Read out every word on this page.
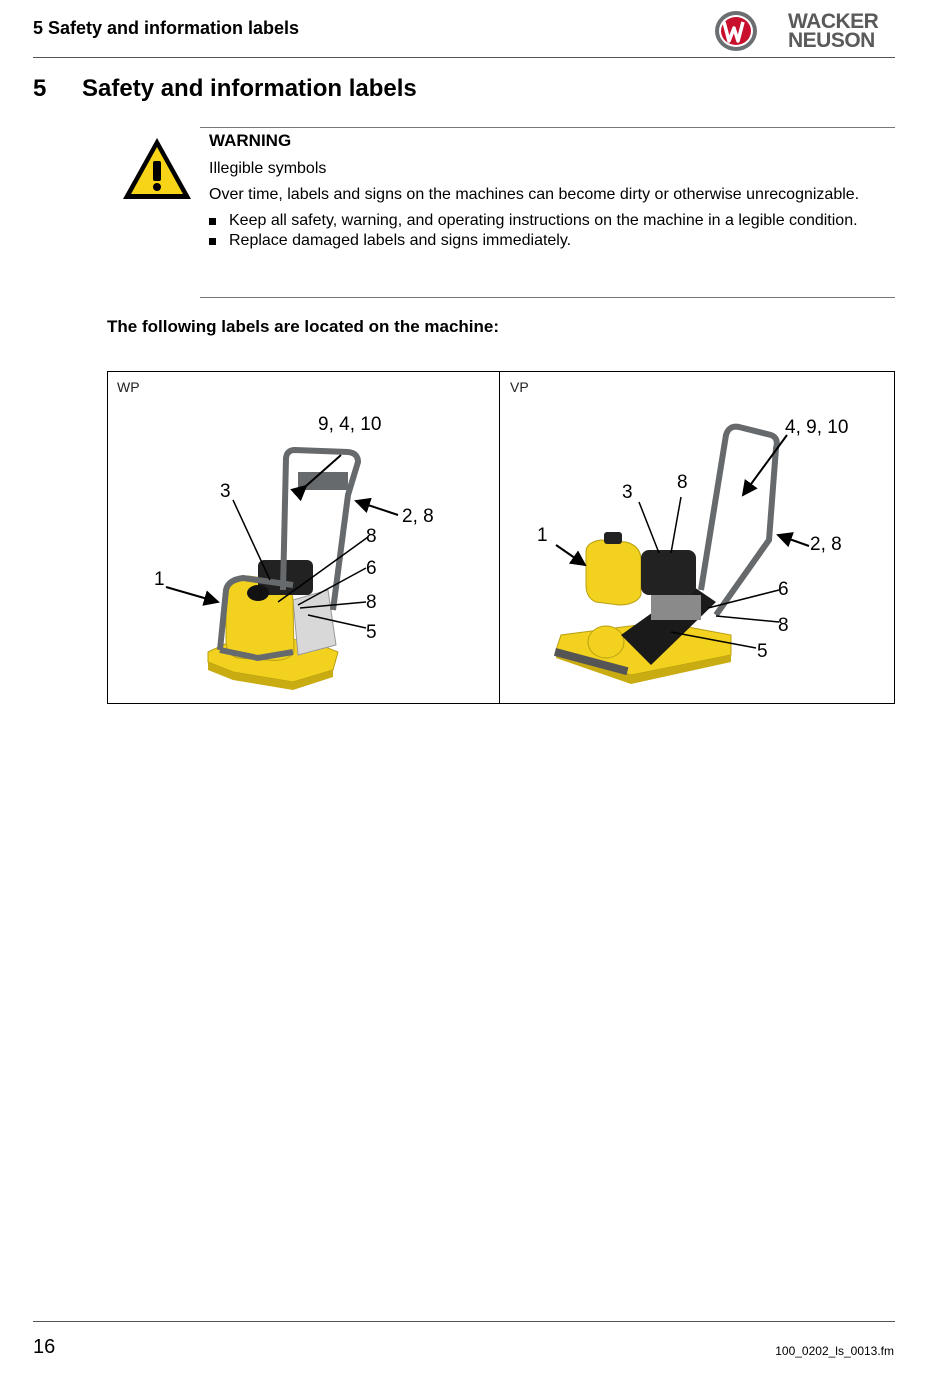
5 Safety and information labels	WACKER
NEUSON
5 Safety and information labels
WARNING
Illegible symbols
Over time, labels and signs on the machines can become dirty or otherwise unrecognizable.
Keep all safety, warning, and operating instructions on the machine in a legible condition.
Replace damaged labels and signs immediately.
The following labels are located on the machine:
WP
9, 4, 10
3
2, 8
8
1
6
8
5
VP
4, 9, 10
3 8
1	2, 8
6
8
5
16	100_0202_ls_0013.fm
